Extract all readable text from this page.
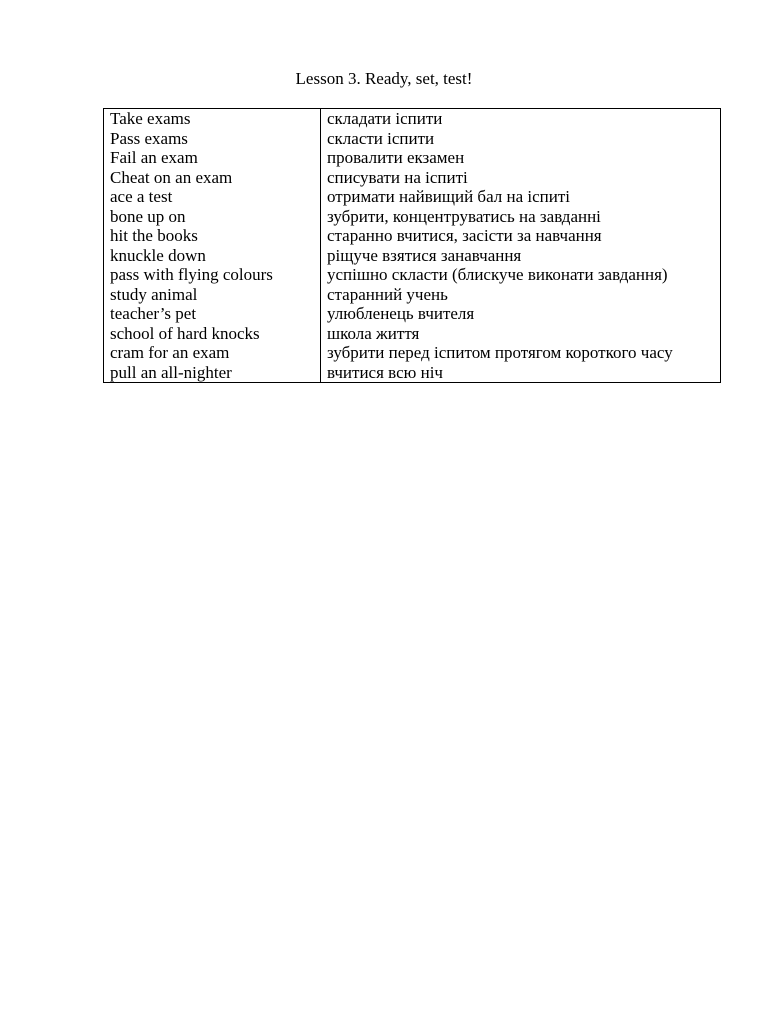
Lesson 3. Ready, set, test!
Take exams	складати іспити
Pass exams	скласти іспити
Fail an exam	провалити екзамен
Cheat on an exam	списувати на іспиті
ace a test	отримати найвищий бал на іспиті
bone up on	зубрити, концентруватись на завданні
hit the books	старанно вчитися, засісти за навчання
knuckle down	ріщуче взятися занавчання
pass with flying colours	успішно скласти (блискуче виконати завдання)
study animal	старанний учень
teacher’s pet	улюбленець вчителя
school of hard knocks	школа життя
cram for an exam	зубрити перед іспитом протягом короткого часу
pull an all-nighter	вчитися всю ніч
